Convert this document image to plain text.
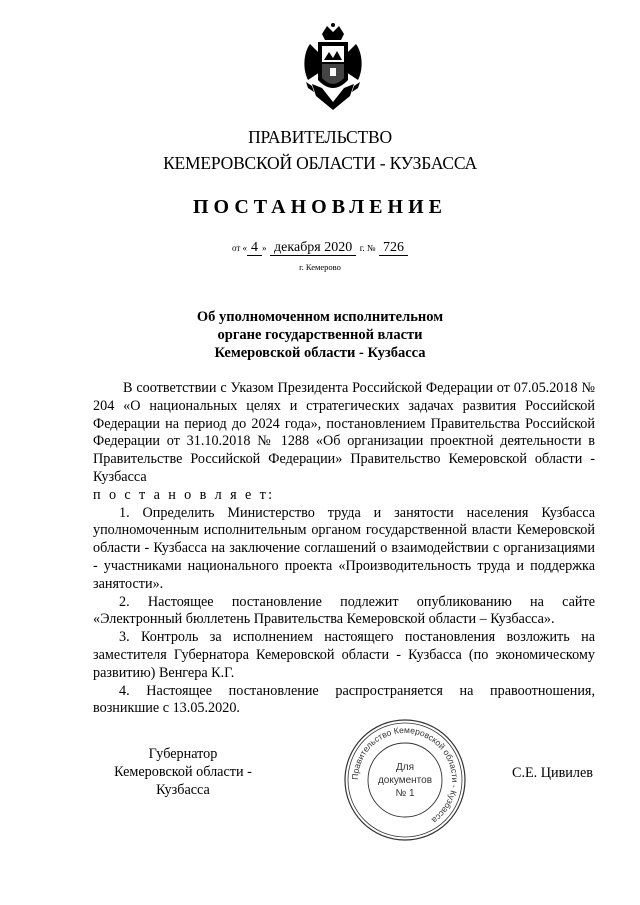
ПРАВИТЕЛЬСТВО
КЕМЕРОВСКОЙ ОБЛАСТИ - КУЗБАССА
ПОСТАНОВЛЕНИЕ
от « 4 » декабря 2020 г. № 726
г. Кемерово
Об уполномоченном исполнительном
органе государственной власти
Кемеровской области - Кузбасса

В соответствии с Указом Президента Российской Федерации от 07.05.2018 № 204 «О национальных целях и стратегических задачах развития Российской Федерации на период до 2024 года», постановлением Правительства Российской Федерации от 31.10.2018 № 1288 «Об организации проектной деятельности в Правительстве Российской Федерации» Правительство Кемеровской области - Кузбасса

п о с т а н о в л я е т:

1. Определить Министерство труда и занятости населения Кузбасса уполномоченным исполнительным органом государственной власти Кемеровской области - Кузбасса на заключение соглашений о взаимодействии с организациями - участниками национального проекта «Производительность труда и поддержка занятости».

2. Настоящее постановление подлежит опубликованию на сайте «Электронный бюллетень Правительства Кемеровской области – Кузбасса».

3. Контроль за исполнением настоящего постановления возложить на заместителя Губернатора Кемеровской области - Кузбасса (по экономическому развитию) Венгера К.Г.

4. Настоящее постановление распространяется на правоотношения, возникшие с 13.05.2020.

Губернатор
Кемеровской области - Кузбасса
Правительство Кемеровской области - Кузбасса
Для
документов
№ 1
С.Е. Цивилев
